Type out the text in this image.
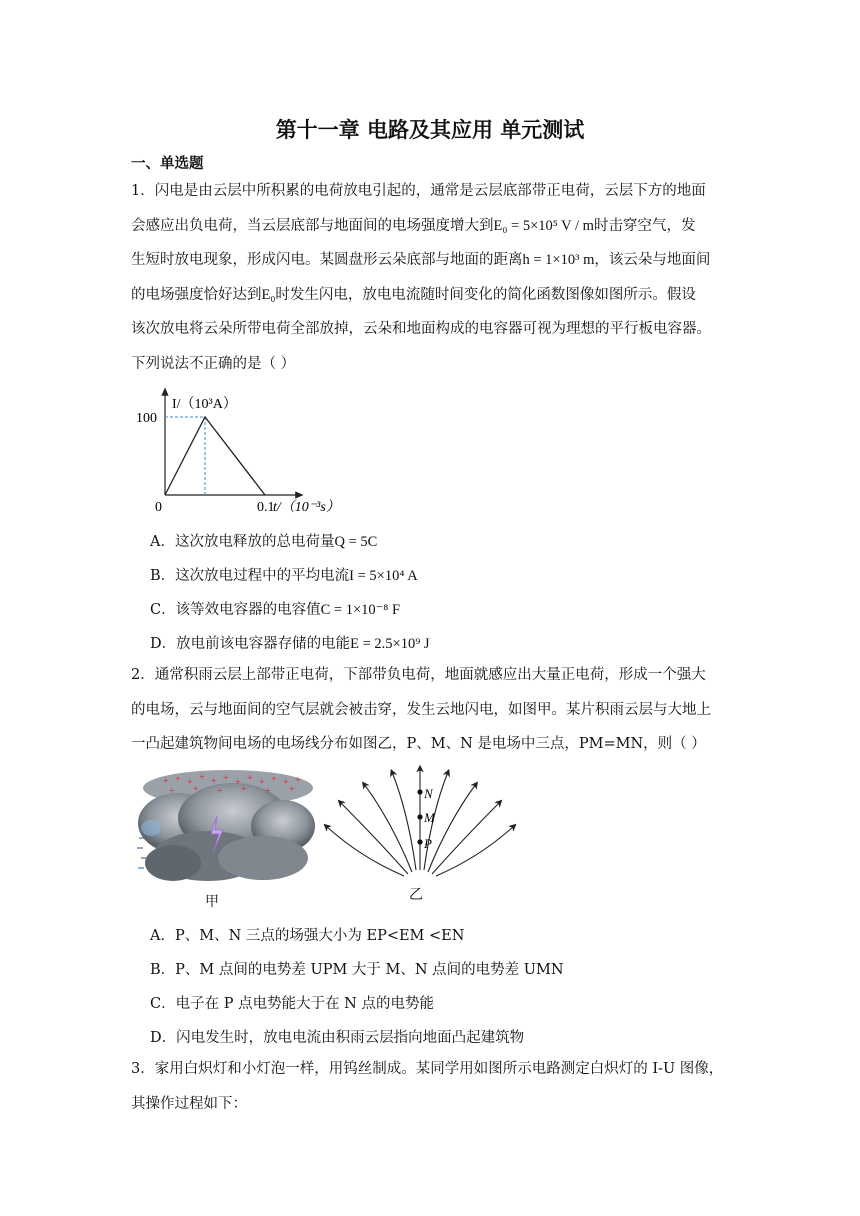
第十一章 电路及其应用 单元测试
一、单选题
1．闪电是由云层中所积累的电荷放电引起的，通常是云层底部带正电荷，云层下方的地面
会感应出负电荷，当云层底部与地面间的电场强度增大到E₀ = 5×10⁵ V / m时击穿空气，发
生短时放电现象，形成闪电。某圆盘形云朵底部与地面的距离h = 1×10³ m，该云朵与地面间
的电场强度恰好达到E₀时发生闪电，放电电流随时间变化的简化函数图像如图所示。假设
该次放电将云朵所带电荷全部放掉，云朵和地面构成的电容器可视为理想的平行板电容器。
下列说法不正确的是（ ）
I/（10³A）
100
0	0.1
t/（10⁻³s）
A．这次放电释放的总电荷量Q = 5C
B．这次放电过程中的平均电流I = 5×10⁴ A
C．该等效电容器的电容值C = 1×10⁻⁸ F
D．放电前该电容器存储的电能E = 2.5×10⁹ J
2．通常积雨云层上部带正电荷，下部带负电荷，地面就感应出大量正电荷，形成一个强大
的电场，云与地面间的空气层就会被击穿，发生云地闪电，如图甲。某片积雨云层与大地上
一凸起建筑物间电场的电场线分布如图乙，P、M、N 是电场中三点，PM=MN，则（ ）
+ + + + + + + + + + + +
+ + + + + +
甲
N
M
P
乙
A．P、M、N 三点的场强大小为 EP<EM <EN
B．P、M 点间的电势差 UPM 大于 M、N 点间的电势差 UMN
C．电子在 P 点电势能大于在 N 点的电势能
D．闪电发生时，放电电流由积雨云层指向地面凸起建筑物
3．家用白炽灯和小灯泡一样，用钨丝制成。某同学用如图所示电路测定白炽灯的 I-U 图像，
其操作过程如下：
